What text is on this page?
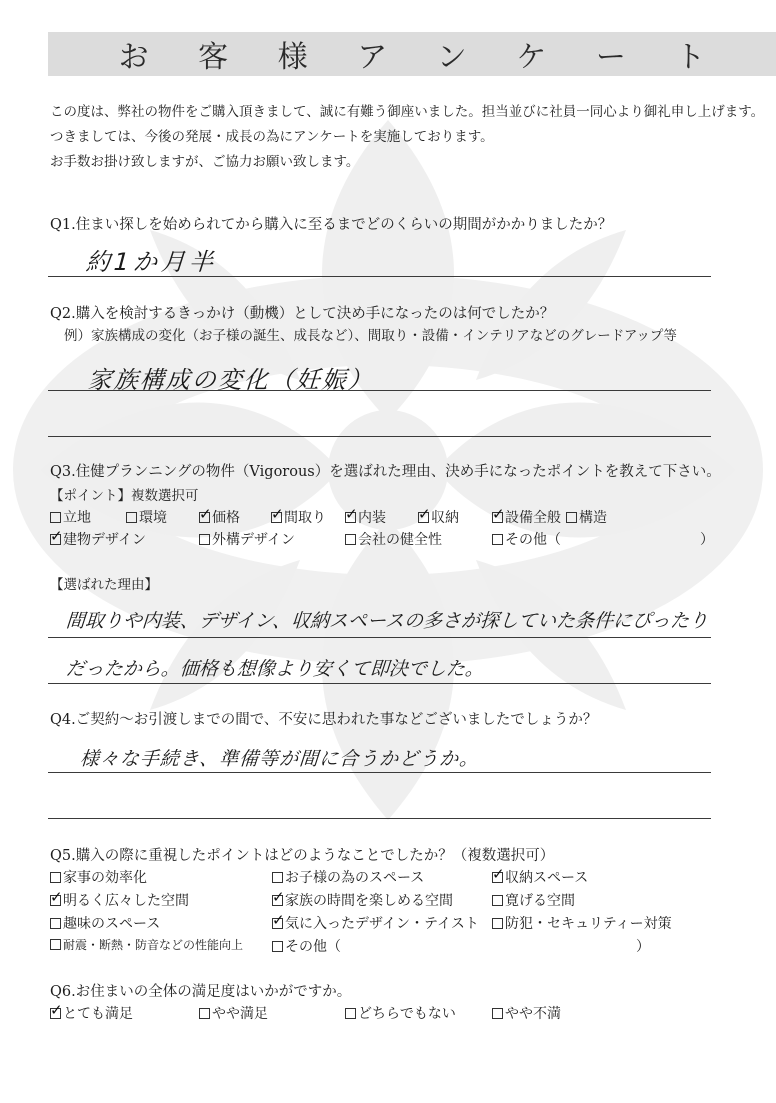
お 客 様 ア ン ケ ー ト
この度は、弊社の物件をご購入頂きまして、誠に有難う御座いました。担当並びに社員一同心より御礼申し上げます。
つきましては、今後の発展・成長の為にアンケートを実施しております。
お手数お掛け致しますが、ご協力お願い致します。
Q1.住まい探しを始められてから購入に至るまでどのくらいの期間がかかりましたか？
約1か月半
Q2.購入を検討するきっかけ（動機）として決め手になったのは何でしたか？
例）家族構成の変化（お子様の誕生、成長など）、間取り・設備・インテリアなどのグレードアップ等
家族構成の変化（妊娠）
Q3.住健プランニングの物件（Vigorous）を選ばれた理由、決め手になったポイントを教えて下さい。
【ポイント】複数選択可
立地	環境 ✓ 価格 ✓ 間取り ✓ 内装 ✓ 収納 ✓ 設備全般 構造
✓ 建物デザイン	外構デザイン	会社の健全性	その他（	）
【選ばれた理由】
間取りや内装、デザイン、収納スペースの多さが探していた条件にぴったり
だったから。価格も想像より安くて即決でした。
Q4.ご契約～お引渡しまでの間で、不安に思われた事などございましたでしょうか？
様々な手続き、準備等が間に合うかどうか。
Q5.購入の際に重視したポイントはどのようなことでしたか？（複数選択可）
家事の効率化	お子様の為のスペース	✓ 収納スペース
✓ 明るく広々した空間	✓ 家族の時間を楽しめる空間	寛げる空間
趣味のスペース	✓ 気に入ったデザイン・テイスト 防犯・セキュリティー対策
耐震・断熱・防音などの性能向上	その他（	）
Q6.お住まいの全体の満足度はいかがですか。
✓ とても満足	やや満足	どちらでもない	やや不満
